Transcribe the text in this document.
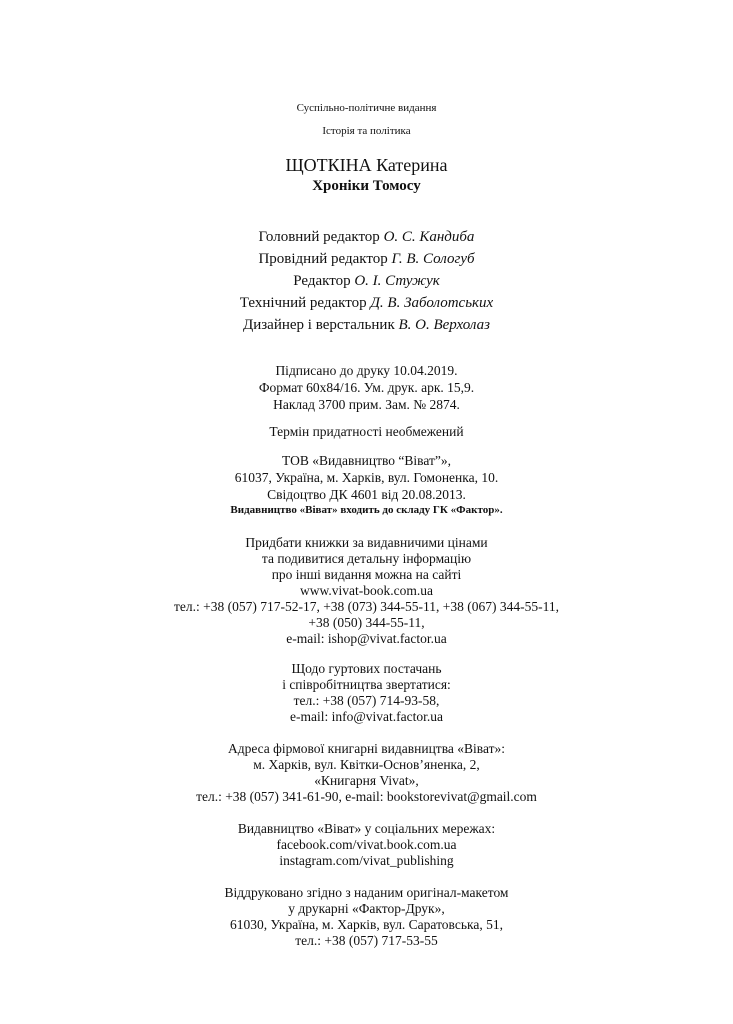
Суспільно-політичне видання
Історія та політика
ЩОТКІНА Катерина
Хроніки Томосу
Головний редактор О. С. Кандиба
Провідний редактор Г. В. Сологуб
Редактор О. І. Стужук
Технічний редактор Д. В. Заболотських
Дизайнер і верстальник В. О. Верхолаз
Підписано до друку 10.04.2019.
Формат 60х84/16. Ум. друк. арк. 15,9.
Наклад 3700 прим. Зам. № 2874.
Термін придатності необмежений
ТОВ «Видавництво “Віват”»,
61037, Україна, м. Харків, вул. Гомоненка, 10.
Свідоцтво ДК 4601 від 20.08.2013.
Видавництво «Віват» входить до складу ГК «Фактор».
Придбати книжки за видавничими цінами
та подивитися детальну інформацію
про інші видання можна на сайті
www.vivat-book.com.ua
тел.: +38 (057) 717-52-17, +38 (073) 344-55-11, +38 (067) 344-55-11,
+38 (050) 344-55-11,
e-mail: ishop@vivat.factor.ua
Щодо гуртових постачань
і співробітництва звертатися:
тел.: +38 (057) 714-93-58,
e-mail: info@vivat.factor.ua
Адреса фірмової книгарні видавництва «Віват»:
м. Харків, вул. Квітки-Основ’яненка, 2,
«Книгарня Vivat»,
тел.: +38 (057) 341-61-90, e-mail: bookstorevivat@gmail.com
Видавництво «Віват» у соціальних мережах:
facebook.com/vivat.book.com.ua
instagram.com/vivat_publishing
Віддруковано згідно з наданим оригінал-макетом
у друкарні «Фактор-Друк»,
61030, Україна, м. Харків, вул. Саратовська, 51,
тел.: +38 (057) 717-53-55
